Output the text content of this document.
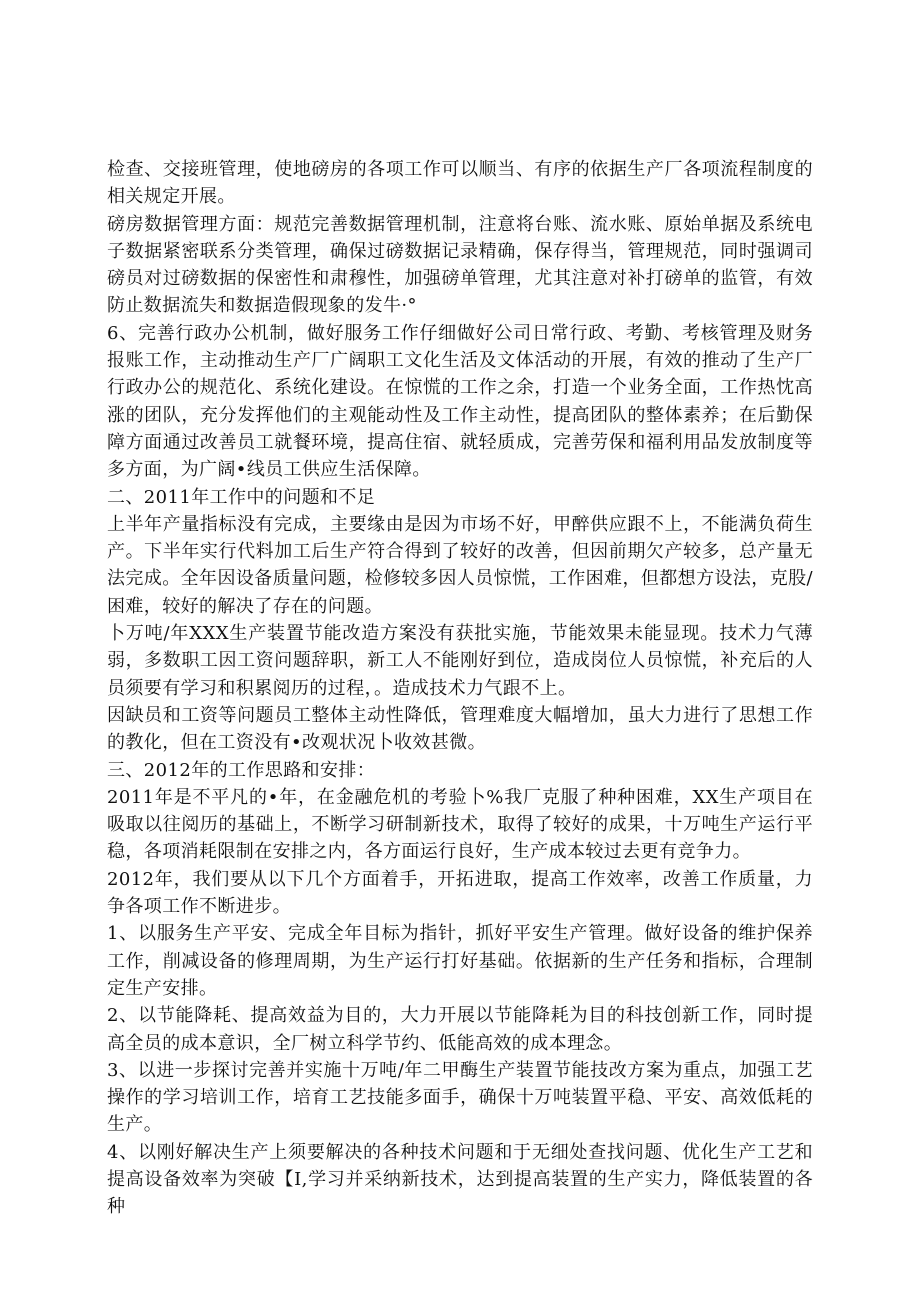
检查、交接班管理，使地磅房的各项工作可以顺当、有序的依据生产厂各项流程制度的相关规定开展。

磅房数据管理方面：规范完善数据管理机制，注意将台账、流水账、原始单据及系统电子数据紧密联系分类管理，确保过磅数据记录精确，保存得当，管理规范，同时强调司磅员对过磅数据的保密性和肃穆性，加强磅单管理，尤其注意对补打磅单的监管，有效防止数据流失和数据造假现象的发牛·°

6、完善行政办公机制，做好服务工作仔细做好公司日常行政、考勤、考核管理及财务报账工作，主动推动生产厂广阔职工文化生活及文体活动的开展，有效的推动了生产厂行政办公的规范化、系统化建设。在惊慌的工作之余，打造一个业务全面，工作热忱高涨的团队，充分发挥他们的主观能动性及工作主动性，提高团队的整体素养；在后勤保障方面通过改善员工就餐环境，提高住宿、就轻质成，完善劳保和福利用品发放制度等多方面，为广阔•线员工供应生活保障。

二、2011年工作中的问题和不足

上半年产量指标没有完成，主要缘由是因为市场不好，甲醉供应跟不上，不能满负荷生产。下半年实行代料加工后生产符合得到了较好的改善，但因前期欠产较多，总产量无法完成。全年因设备质量问题，检修较多因人员惊慌，工作困难，但都想方设法，克股/困难，较好的解决了存在的问题。

卜万吨/年XXX生产装置节能改造方案没有获批实施，节能效果未能显现。技术力气薄弱，多数职工因工资问题辞职，新工人不能刚好到位，造成岗位人员惊慌，补充后的人员须要有学习和积累阅历的过程，。造成技术力气跟不上。

因缺员和工资等问题员工整体主动性降低，管理难度大幅增加，虽大力进行了思想工作的教化，但在工资没有•改观状况卜收效甚微。

三、2012年的工作思路和安排：

2011年是不平凡的•年，在金融危机的考验卜%我厂克服了种种困难，XX生产项目在吸取以往阅历的基础上，不断学习研制新技术，取得了较好的成果，十万吨生产运行平稳，各项消耗限制在安排之内，各方面运行良好，生产成本较过去更有竞争力。

2012年，我们要从以下几个方面着手，开拓进取，提高工作效率，改善工作质量，力争各项工作不断进步。

1、以服务生产平安、完成全年目标为指针，抓好平安生产管理。做好设备的维护保养工作，削减设备的修理周期，为生产运行打好基础。依据新的生产任务和指标，合理制定生产安排。

2、以节能降耗、提高效益为目的，大力开展以节能降耗为目的科技创新工作，同时提高全员的成本意识，全厂树立科学节约、低能高效的成本理念。

3、以进一步探讨完善并实施十万吨/年二甲酶生产装置节能技改方案为重点，加强工艺操作的学习培训工作，培育工艺技能多面手，确保十万吨装置平稳、平安、高效低耗的生产。

4、以刚好解决生产上须要解决的各种技术问题和于无细处查找问题、优化生产工艺和提高设备效率为突破【I,学习并采纳新技术，达到提高装置的生产实力，降低装置的各种
